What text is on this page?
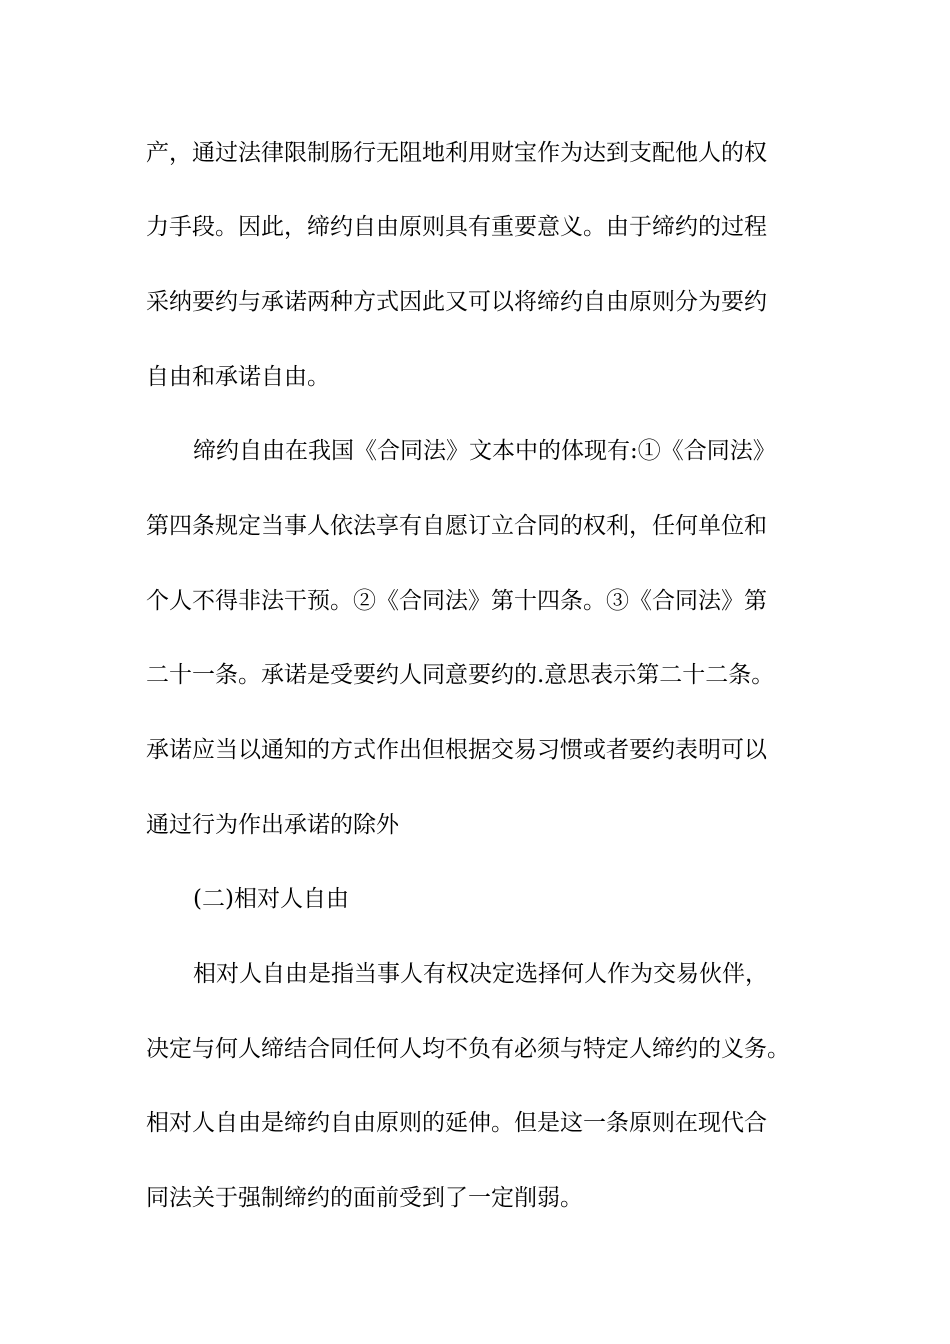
产，通过法律限制肠行无阻地利用财宝作为达到支配他人的权
力手段。因此，缔约自由原则具有重要意义。由于缔约的过程
采纳要约与承诺两种方式因此又可以将缔约自由原则分为要约
自由和承诺自由。
缔约自由在我国《合同法》文本中的体现有:①《合同法》
第四条规定当事人依法享有自愿订立合同的权利，任何单位和
个人不得非法干预。②《合同法》第十四条。③《合同法》第
二十一条。承诺是受要约人同意要约的.意思表示第二十二条。
承诺应当以通知的方式作出但根据交易习惯或者要约表明可以
通过行为作出承诺的除外
(二)相对人自由
相对人自由是指当事人有权决定选择何人作为交易伙伴，
决定与何人缔结合同任何人均不负有必须与特定人缔约的义务。
相对人自由是缔约自由原则的延伸。但是这一条原则在现代合
同法关于强制缔约的面前受到了一定削弱。
